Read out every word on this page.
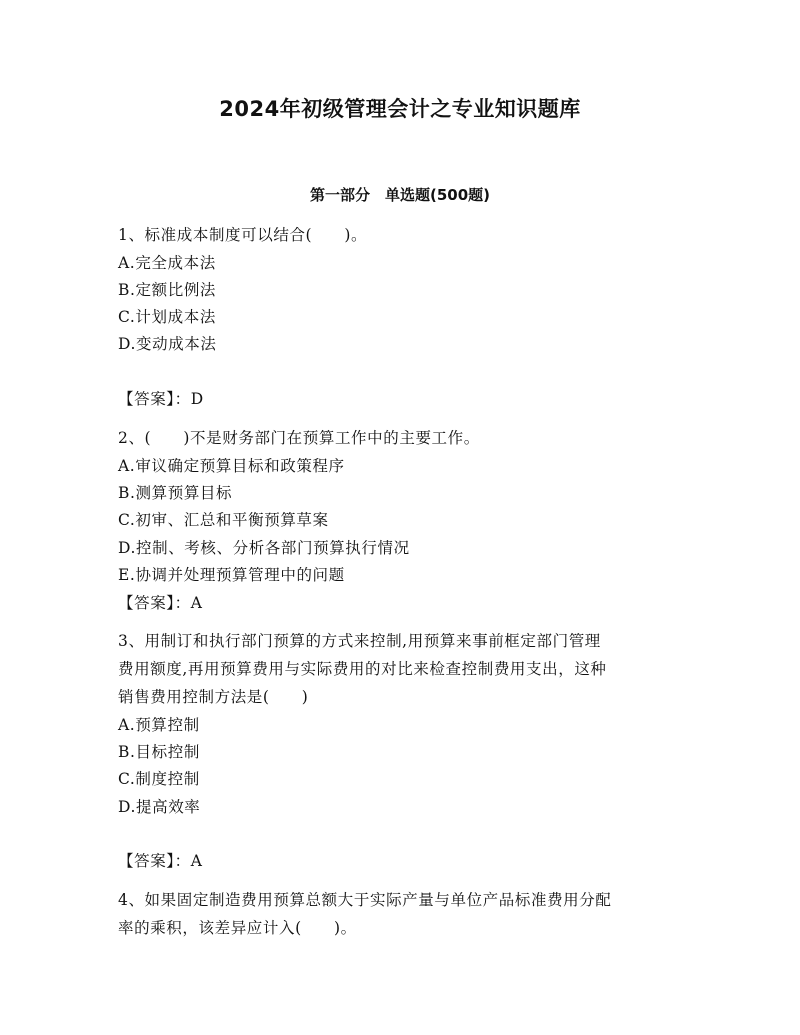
2024年初级管理会计之专业知识题库
第一部分　单选题(500题)
1、标准成本制度可以结合(　　)。
A.完全成本法
B.定额比例法
C.计划成本法
D.变动成本法
【答案】：D
2、(　　)不是财务部门在预算工作中的主要工作。
A.审议确定预算目标和政策程序
B.测算预算目标
C.初审、汇总和平衡预算草案
D.控制、考核、分析各部门预算执行情况
E.协调并处理预算管理中的问题
【答案】：A
3、用制订和执行部门预算的方式来控制,用预算来事前框定部门管理
费用额度,再用预算费用与实际费用的对比来检查控制费用支出，这种
销售费用控制方法是(　　)
A.预算控制
B.目标控制
C.制度控制
D.提高效率
【答案】：A
4、如果固定制造费用预算总额大于实际产量与单位产品标准费用分配
率的乘积，该差异应计入(　　)。
